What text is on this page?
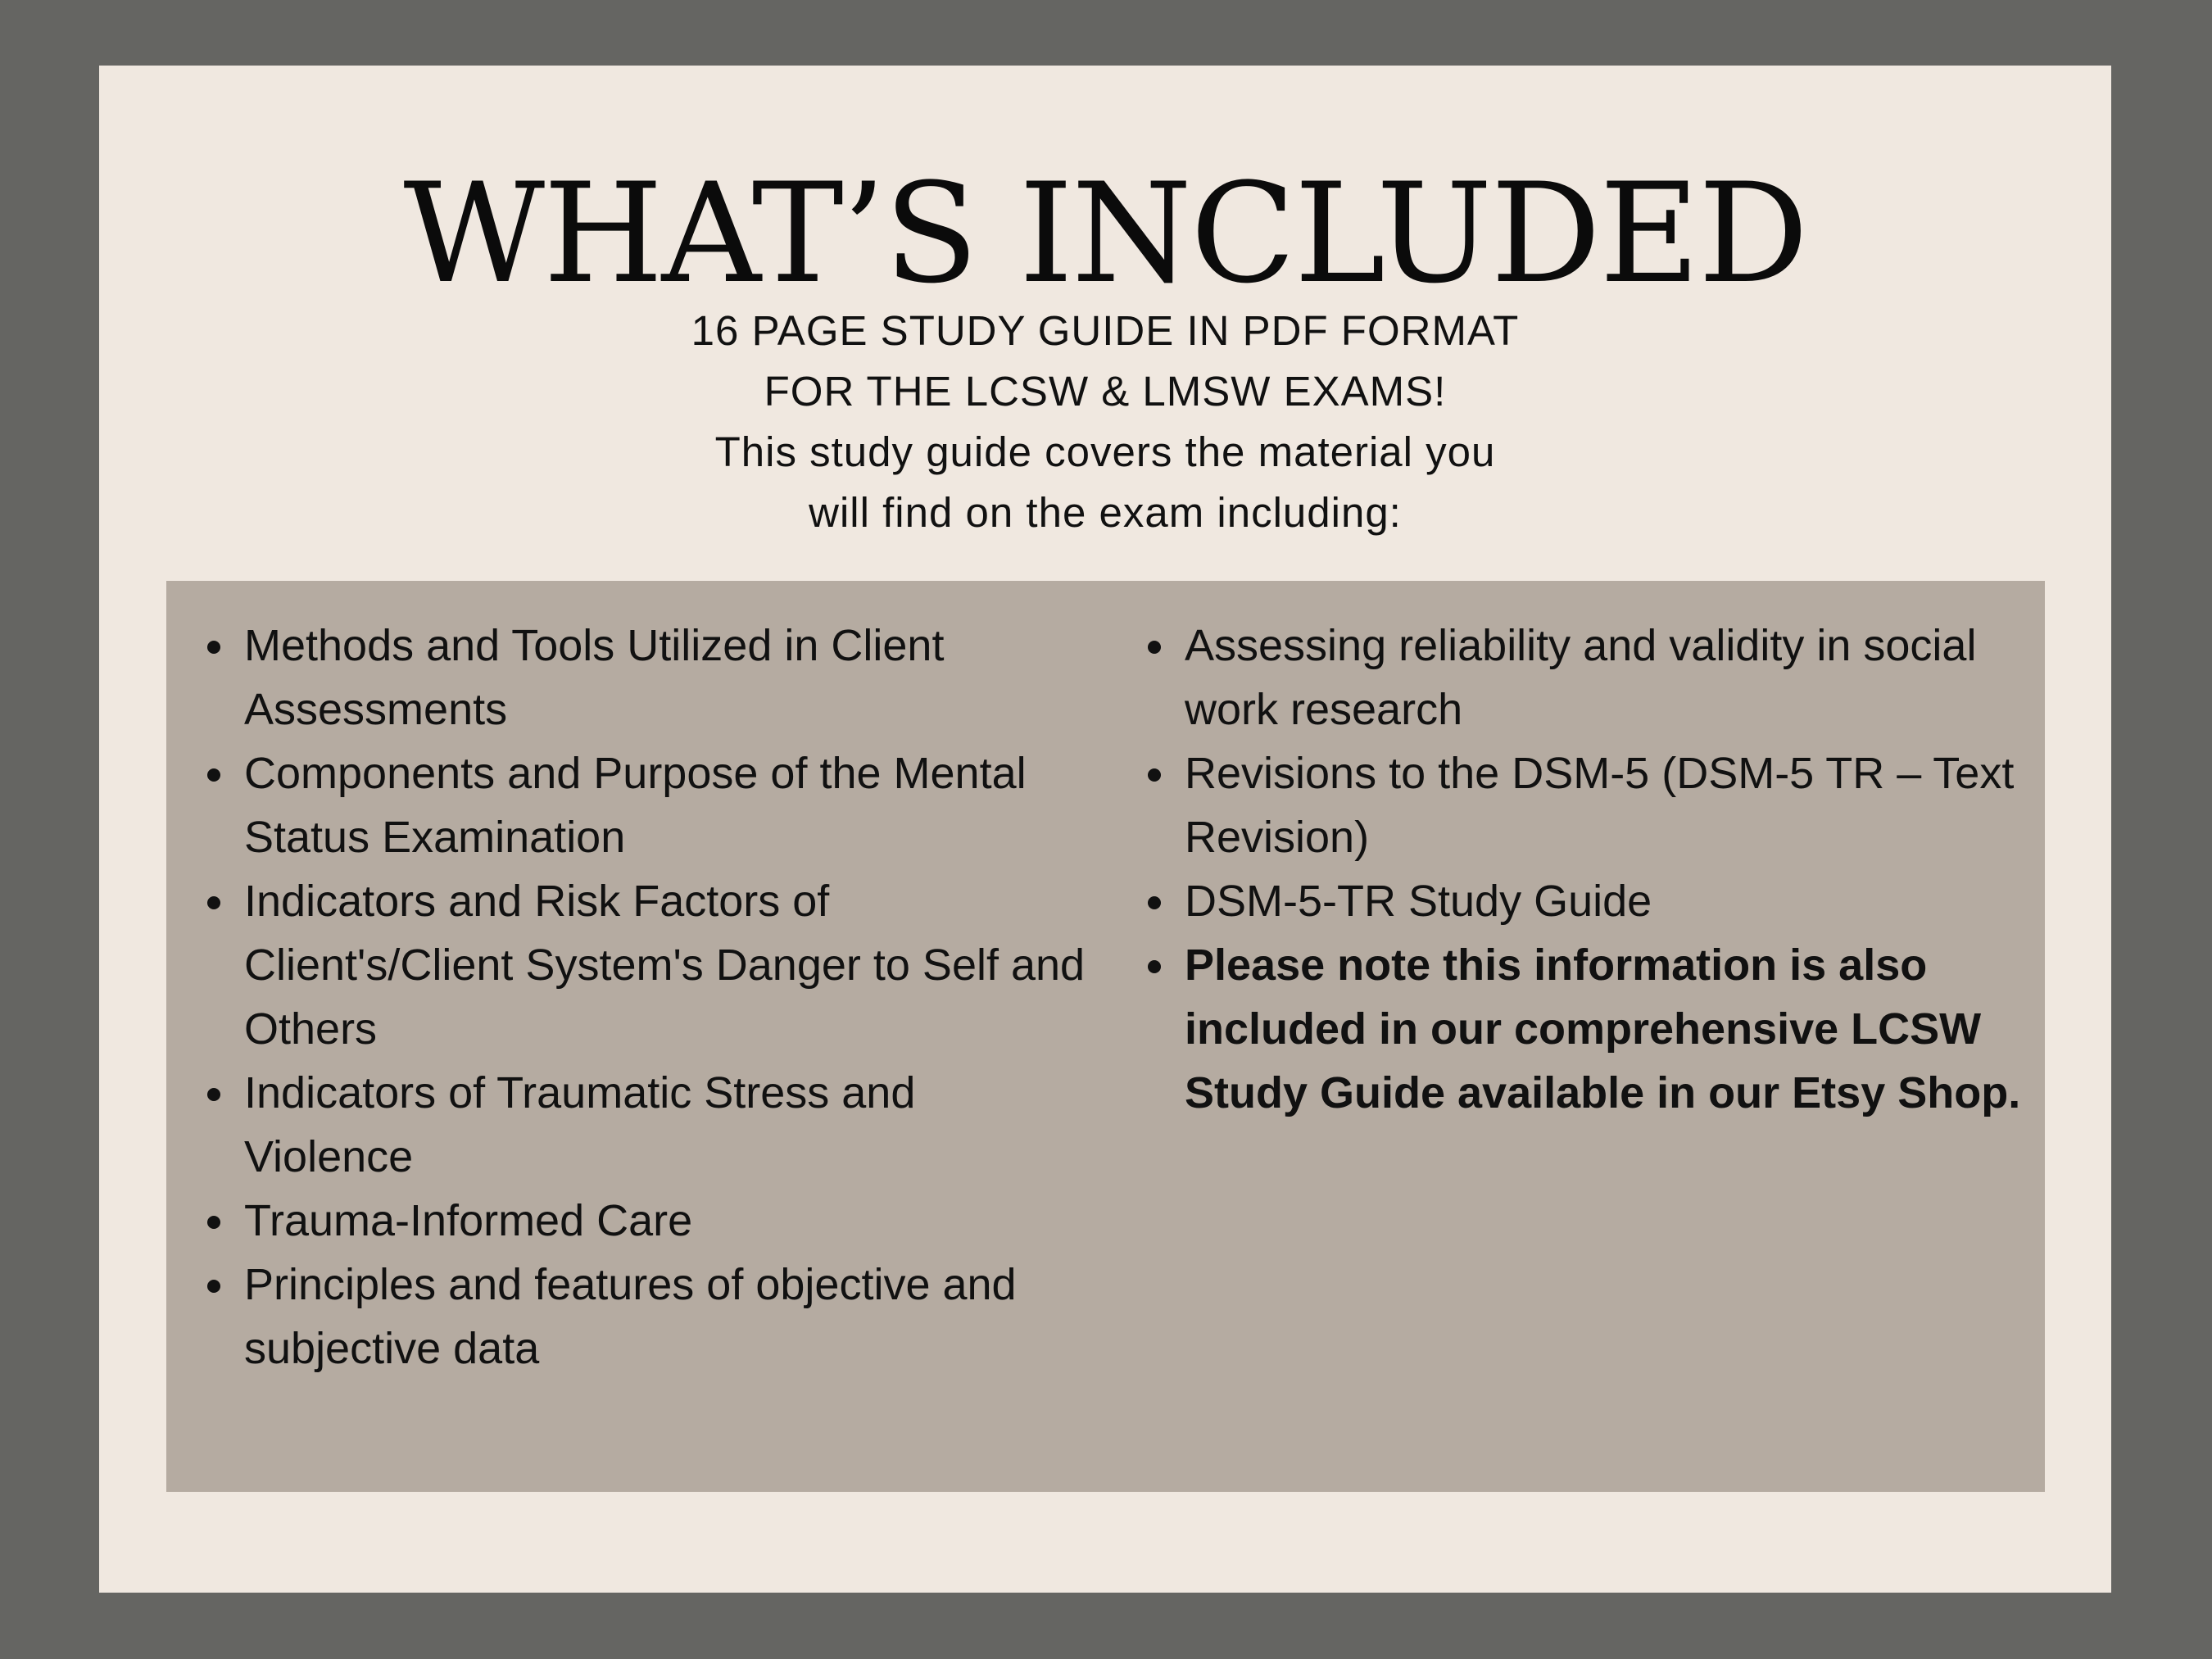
WHAT’S INCLUDED
16 PAGE STUDY GUIDE IN PDF FORMAT
FOR THE LCSW & LMSW EXAMS!
This study guide covers the material you
will find on the exam including:
Methods and Tools Utilized in Client Assessments
Components and Purpose of the Mental Status Examination
Indicators and Risk Factors of Client's/Client System's Danger to Self and Others
Indicators of Traumatic Stress and Violence
Trauma-Informed Care
Principles and features of objective and subjective data
Assessing reliability and validity in social work research
Revisions to the DSM-5 (DSM-5 TR – Text Revision)
DSM-5-TR Study Guide
Please note this information is also included in our comprehensive LCSW Study Guide available in our Etsy Shop.
